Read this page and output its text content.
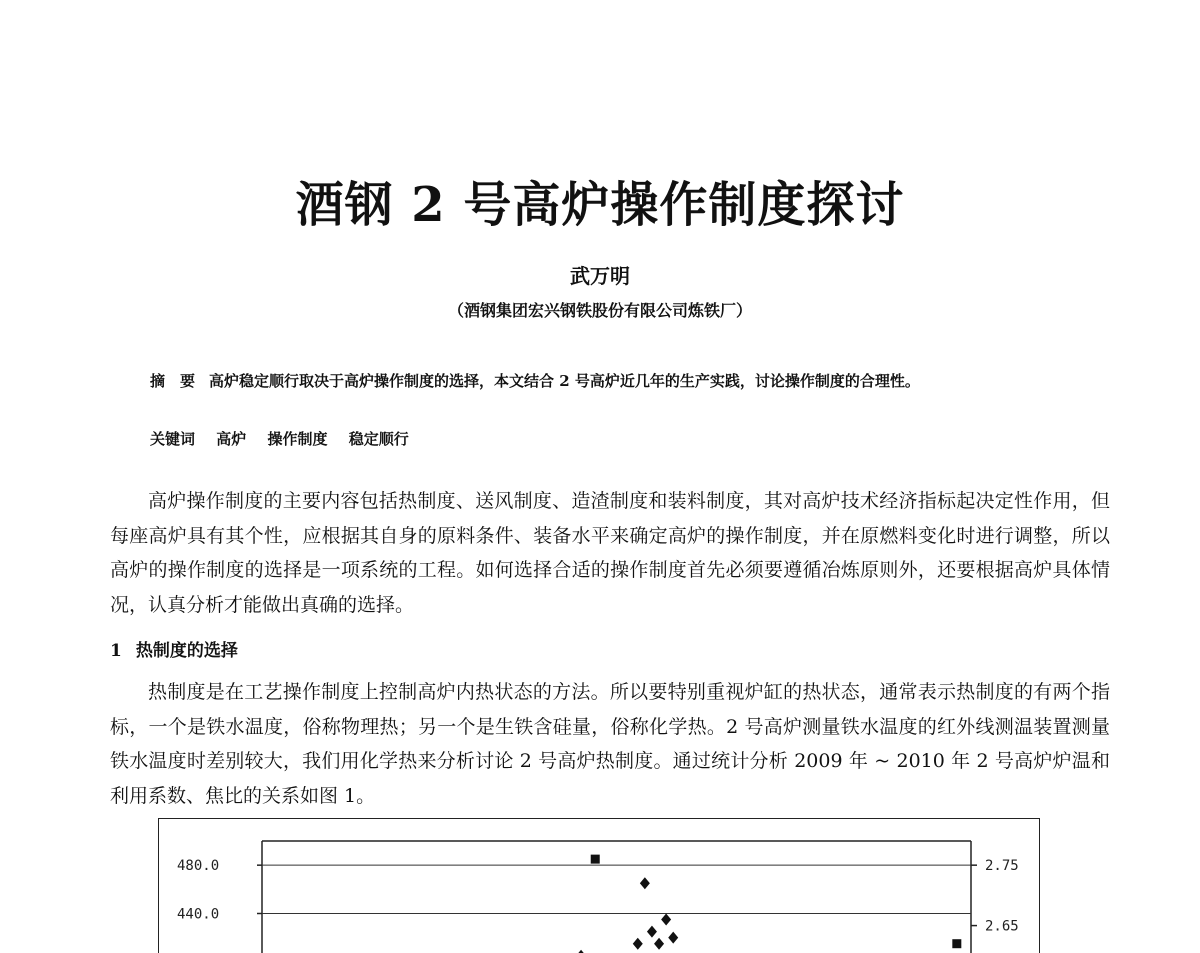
酒钢 2 号高炉操作制度探讨
武万明
（酒钢集团宏兴钢铁股份有限公司炼铁厂）
摘　要 高炉稳定顺行取决于高炉操作制度的选择，本文结合 2 号高炉近几年的生产实践，讨论操作制度的合理性。
关键词 高炉 操作制度 稳定顺行
高炉操作制度的主要内容包括热制度、送风制度、造渣制度和装料制度，其对高炉技术经济指标起决定性作用，但每座高炉具有其个性，应根据其自身的原料条件、装备水平来确定高炉的操作制度，并在原燃料变化时进行调整，所以高炉的操作制度的选择是一项系统的工程。如何选择合适的操作制度首先必须要遵循冶炼原则外，还要根据高炉具体情况，认真分析才能做出真确的选择。
1 热制度的选择
热制度是在工艺操作制度上控制高炉内热状态的方法。所以要特别重视炉缸的热状态，通常表示热制度的有两个指标，一个是铁水温度，俗称物理热；另一个是生铁含硅量，俗称化学热。2 号高炉测量铁水温度的红外线测温装置测量铁水温度时差别较大，我们用化学热来分析讨论 2 号高炉热制度。通过统计分析 2009 年 ~ 2010 年 2 号高炉炉温和利用系数、焦比的关系如图 1。
480.0
440.0
2.75
2.65
